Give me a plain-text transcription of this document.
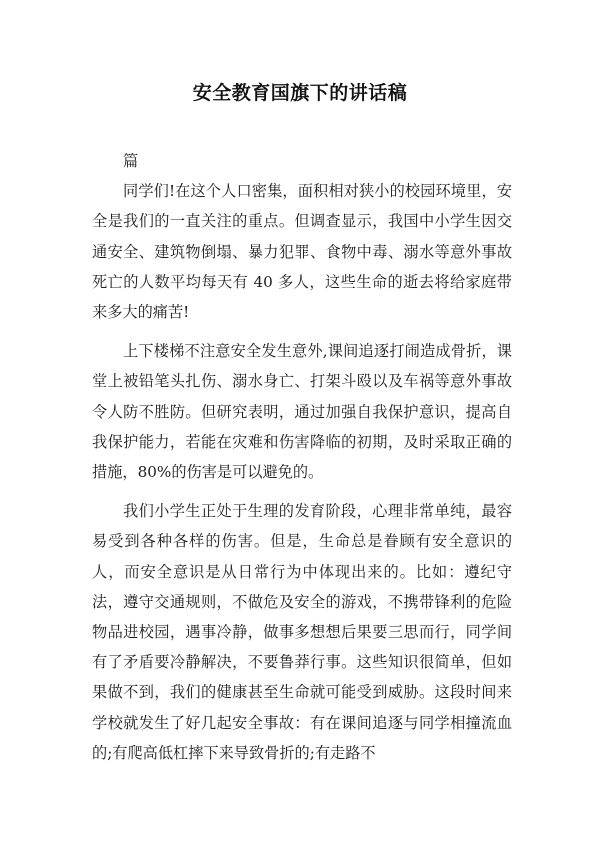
安全教育国旗下的讲话稿

篇

同学们!在这个人口密集，面积相对狭小的校园环境里，安全是我们的一直关注的重点。但调查显示，我国中小学生因交通安全、建筑物倒塌、暴力犯罪、食物中毒、溺水等意外事故死亡的人数平均每天有 40 多人，这些生命的逝去将给家庭带来多大的痛苦!

上下楼梯不注意安全发生意外,课间追逐打闹造成骨折，课堂上被铅笔头扎伤、溺水身亡、打架斗殴以及车祸等意外事故令人防不胜防。但研究表明，通过加强自我保护意识，提高自我保护能力，若能在灾难和伤害降临的初期，及时采取正确的措施，80%的伤害是可以避免的。

我们小学生正处于生理的发育阶段，心理非常单纯，最容易受到各种各样的伤害。但是，生命总是眷顾有安全意识的人，而安全意识是从日常行为中体现出来的。比如：遵纪守法，遵守交通规则，不做危及安全的游戏，不携带锋利的危险物品进校园，遇事冷静，做事多想想后果要三思而行，同学间有了矛盾要冷静解决，不要鲁莽行事。这些知识很简单，但如果做不到，我们的健康甚至生命就可能受到威胁。这段时间来学校就发生了好几起安全事故：有在课间追逐与同学相撞流血的;有爬高低杠摔下来导致骨折的;有走路不
